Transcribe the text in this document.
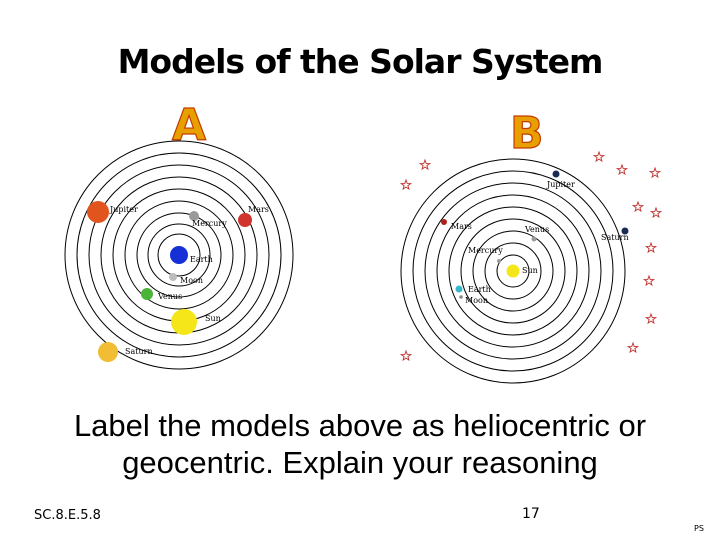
Models of the Solar System
A	B
Jupiter
Mercury
Mars
Earth
Moon
Venus
Sun
Saturn
Jupiter
Mars	Venus
Saturn
Mercury
Sun
Earth
Moon
Label the models above as heliocentric or
geocentric. Explain your reasoning
SC.8.E.5.8	17
PS
